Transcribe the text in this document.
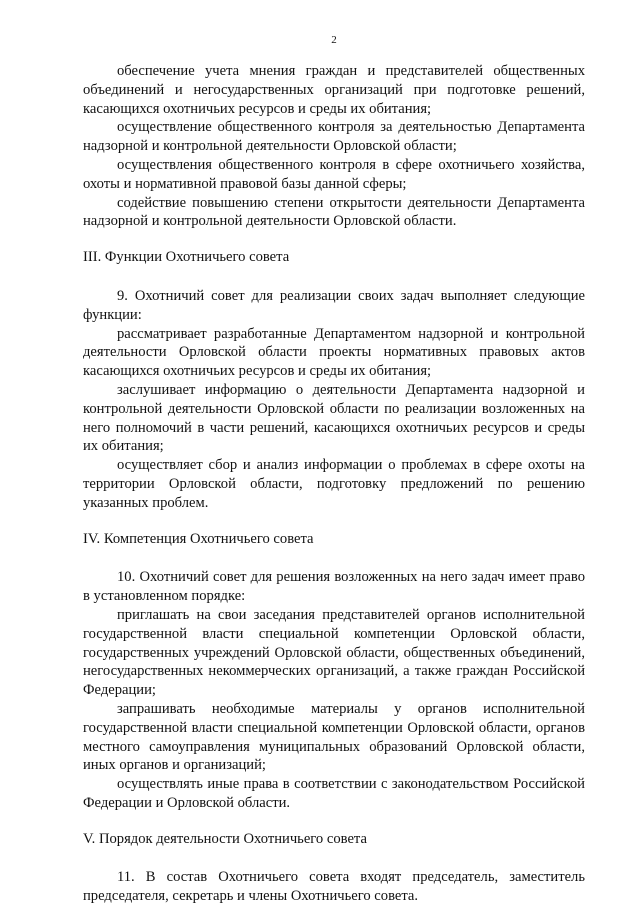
2

обеспечение учета мнения граждан и представителей общественных объединений и негосударственных организаций при подготовке решений, касающихся охотничьих ресурсов и среды их обитания;

осуществление общественного контроля за деятельностью Департамента надзорной и контрольной деятельности Орловской области;

осуществления общественного контроля в сфере охотничьего хозяйства, охоты и нормативной правовой базы данной сферы;

содействие повышению степени открытости деятельности Департамента надзорной и контрольной деятельности Орловской области.

III. Функции Охотничьего совета

9. Охотничий совет для реализации своих задач выполняет следующие функции:

рассматривает разработанные Департаментом надзорной и контрольной деятельности Орловской области проекты нормативных правовых актов касающихся охотничьих ресурсов и среды их обитания;

заслушивает информацию о деятельности Департамента надзорной и контрольной деятельности Орловской области по реализации возложенных на него полномочий в части решений, касающихся охотничьих ресурсов и среды их обитания;

осуществляет сбор и анализ информации о проблемах в сфере охоты на территории Орловской области, подготовку предложений по решению указанных проблем.

IV. Компетенция Охотничьего совета

10. Охотничий совет для решения возложенных на него задач имеет право в установленном порядке:

приглашать на свои заседания представителей органов исполнительной государственной власти специальной компетенции Орловской области, государственных учреждений Орловской области, общественных объединений, негосударственных некоммерческих организаций, а также граждан Российской Федерации;

запрашивать необходимые материалы у органов исполнительной государственной власти специальной компетенции Орловской области, органов местного самоуправления муниципальных образований Орловской области, иных органов и организаций;

осуществлять иные права в соответствии с законодательством Российской Федерации и Орловской области.

V. Порядок деятельности Охотничьего совета

11. В состав Охотничьего совета входят председатель, заместитель председателя, секретарь и члены Охотничьего совета.
